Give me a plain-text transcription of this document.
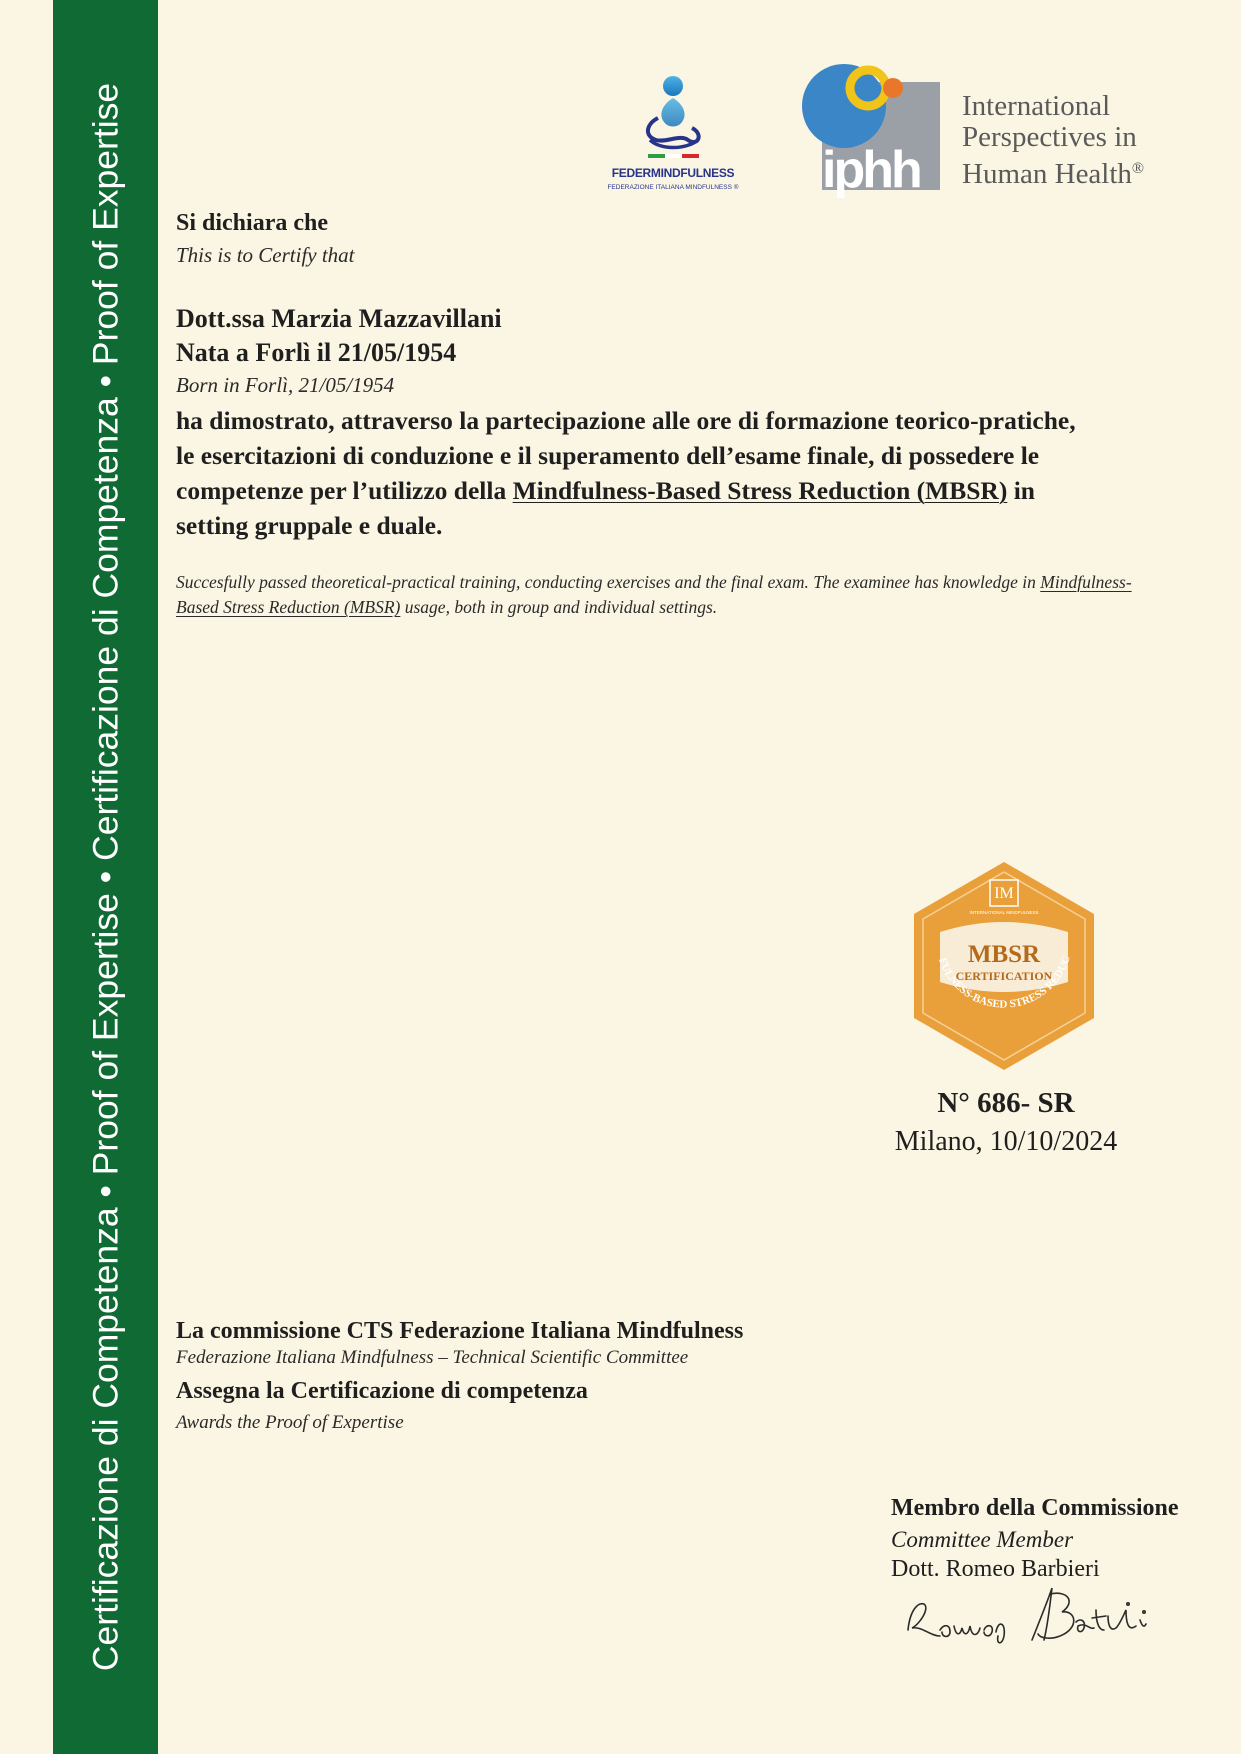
Certificazione di Competenza • Proof of Expertise • Certificazione di Competenza • Proof of Expertise	FEDERMINDFULNESS
FEDERAZIONE ITALIANA MINDFULNESS ® iphh
International
Perspectives in
Human Health®
Si dichiara che
This is to Certify that
Dott.ssa Marzia Mazzavillani
Nata a Forlì il 21/05/1954
Born in Forlì, 21/05/1954
ha dimostrato, attraverso la partecipazione alle ore di formazione teorico-pratiche, le esercitazioni di conduzione e il superamento dell’esame finale, di possedere le competenze per l’utilizzo della Mindfulness-Based Stress Reduction (MBSR) in setting gruppale e duale.
Succesfully passed theoretical-practical training, conducting exercises and the final exam. The examinee has knowledge in Mindfulness-Based Stress Reduction (MBSR) usage, both in group and individual settings.
IM
INTERNATIONAL MINDFULNESS
MBSR
CERTIFICATION
FULNESS-BASED STRESS REDUC
N° 686- SR
Milano, 10/10/2024
La commissione CTS Federazione Italiana Mindfulness
Federazione Italiana Mindfulness – Technical Scientific Committee
Assegna la Certificazione di competenza
Awards the Proof of Expertise
Membro della Commissione
Committee Member
Dott. Romeo Barbieri
